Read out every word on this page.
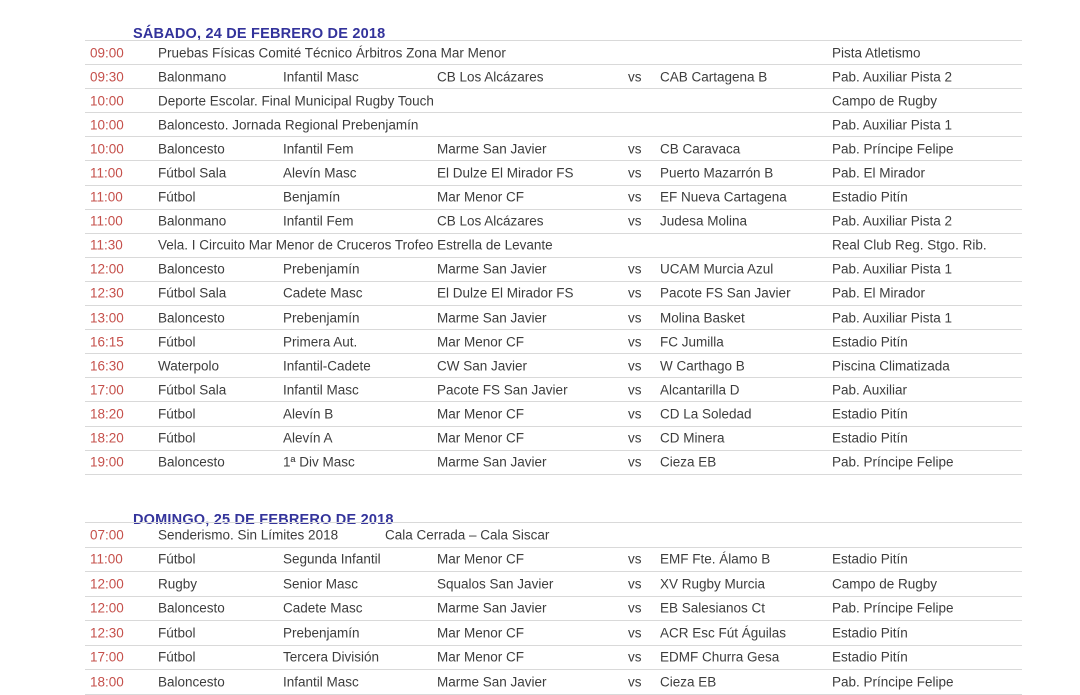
SÁBADO, 24 DE FEBRERO DE 2018
09:00	Pruebas Físicas Comité Técnico Árbitros Zona Mar Menor	Pista Atletismo
09:30	Balonmano	Infantil Masc	CB Los Alcázares	vs CAB Cartagena B	Pab. Auxiliar Pista 2
10:00	Deporte Escolar. Final Municipal Rugby Touch	Campo de Rugby
10:00	Baloncesto. Jornada Regional Prebenjamín	Pab. Auxiliar Pista 1
10:00	Baloncesto	Infantil Fem	Marme San Javier	vs CB Caravaca	Pab. Príncipe Felipe
11:00	Fútbol Sala	Alevín Masc	El Dulze El Mirador FS	vs Puerto Mazarrón B	Pab. El Mirador
11:00	Fútbol	Benjamín	Mar Menor CF	vs EF Nueva Cartagena	Estadio Pitín
11:00	Balonmano	Infantil Fem	CB Los Alcázares	vs Judesa Molina	Pab. Auxiliar Pista 2
11:30	Vela. I Circuito Mar Menor de Cruceros Trofeo Estrella de Levante	Real Club Reg. Stgo. Rib.
12:00	Baloncesto	Prebenjamín	Marme San Javier	vs UCAM Murcia Azul	Pab. Auxiliar Pista 1
12:30	Fútbol Sala	Cadete Masc	El Dulze El Mirador FS	vs Pacote FS San Javier	Pab. El Mirador
13:00	Baloncesto	Prebenjamín	Marme San Javier	vs Molina Basket	Pab. Auxiliar Pista 1
16:15	Fútbol	Primera Aut.	Mar Menor CF	vs FC Jumilla	Estadio Pitín
16:30	Waterpolo	Infantil-Cadete	CW San Javier	vs W Carthago B	Piscina Climatizada
17:00	Fútbol Sala	Infantil Masc	Pacote FS San Javier	vs Alcantarilla D	Pab. Auxiliar
18:20	Fútbol	Alevín B	Mar Menor CF	vs CD La Soledad	Estadio Pitín
18:20	Fútbol	Alevín A	Mar Menor CF	vs CD Minera	Estadio Pitín
19:00	Baloncesto	1ª Div Masc	Marme San Javier	vs Cieza EB	Pab. Príncipe Felipe
DOMINGO, 25 DE FEBRERO DE 2018
07:00	Senderismo. Sin Límites 2018	Cala Cerrada – Cala Siscar
11:00	Fútbol	Segunda Infantil	Mar Menor CF	vs EMF Fte. Álamo B	Estadio Pitín
12:00	Rugby	Senior Masc	Squalos San Javier	vs XV Rugby Murcia	Campo de Rugby
12:00	Baloncesto	Cadete Masc	Marme San Javier	vs EB Salesianos Ct	Pab. Príncipe Felipe
12:30	Fútbol	Prebenjamín	Mar Menor CF	vs ACR Esc Fút Águilas	Estadio Pitín
17:00	Fútbol	Tercera División	Mar Menor CF	vs EDMF Churra Gesa	Estadio Pitín
18:00	Baloncesto	Infantil Masc	Marme San Javier	vs Cieza EB	Pab. Príncipe Felipe
